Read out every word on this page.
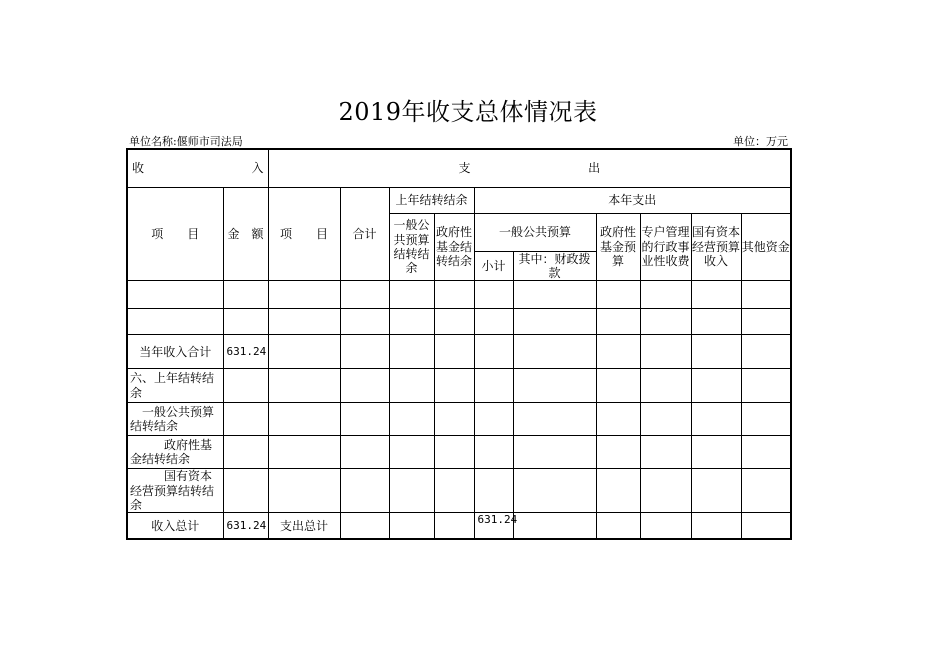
2019年收支总体情况表
单位名称:偃师市司法局	单位：万元
收 入		支 出									
项　　目	金 额	项　　目	合计	上年结转结余		本年支出					
				一般公共预算结转结余	政府性基金结转结余	一般公共预算		政府性基金预算	专户管理的行政事业性收费	国有资本经营预算收入	其他资金
						小计	其中：财政拨款				

当年收入合计	631.24										
六、上年结转结余											
一般公共预算结转结余											
政府性基金结转结余											
国有资本经营预算结转结余											
收入总计	631.24	支出总计				631.24					
